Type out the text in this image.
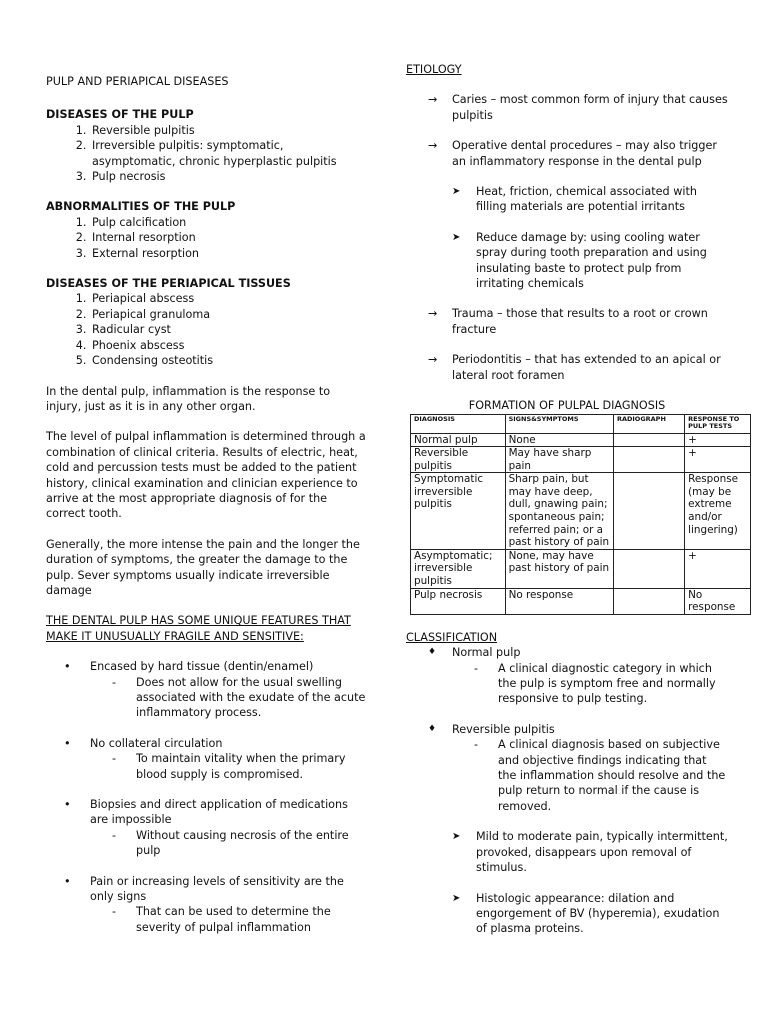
PULP AND PERIAPICAL DISEASES
DISEASES OF THE PULP
1. Reversible pulpitis
2. Irreversible pulpitis: symptomatic, asymptomatic, chronic hyperplastic pulpitis
3. Pulp necrosis
ABNORMALITIES OF THE PULP
1. Pulp calcification
2. Internal resorption
3. External resorption
DISEASES OF THE PERIAPICAL TISSUES
1. Periapical abscess
2. Periapical granuloma
3. Radicular cyst
4. Phoenix abscess
5. Condensing osteotitis

In the dental pulp, inflammation is the response to injury, just as it is in any other organ.

The level of pulpal inflammation is determined through a combination of clinical criteria. Results of electric, heat, cold and percussion tests must be added to the patient history, clinical examination and clinician experience to arrive at the most appropriate diagnosis of for the correct tooth.

Generally, the more intense the pain and the longer the duration of symptoms, the greater the damage to the pulp. Sever symptoms usually indicate irreversible damage

THE DENTAL PULP HAS SOME UNIQUE FEATURES THAT MAKE IT UNUSUALLY FRAGILE AND SENSITIVE:

• Encased by hard tissue (dentin/enamel)
- Does not allow for the usual swelling associated with the exudate of the acute inflammatory process.
• No collateral circulation
- To maintain vitality when the primary blood supply is compromised.
• Biopsies and direct application of medications are impossible
- Without causing necrosis of the entire pulp
• Pain or increasing levels of sensitivity are the only signs
- That can be used to determine the severity of pulpal inflammation
ETIOLOGY
→ Caries – most common form of injury that causes pulpitis
→ Operative dental procedures – may also trigger an inflammatory response in the dental pulp
➤ Heat, friction, chemical associated with filling materials are potential irritants
➤ Reduce damage by: using cooling water spray during tooth preparation and using insulating baste to protect pulp from irritating chemicals
→ Trauma – those that results to a root or crown fracture
→ Periodontitis – that has extended to an apical or lateral root foramen
FORMATION OF PULPAL DIAGNOSIS
DIAGNOSIS	SIGNS&SYMPTOMS	RADIOGRAPH	RESPONSE TO PULP TESTS
Normal pulp	None		+
Reversible pulpitis	May have sharp pain		+
Symptomatic irreversible pulpitis	Sharp pain, but may have deep, dull, gnawing pain; spontaneous pain; referred pain; or a past history of pain		Response (may be extreme and/or lingering)
Asymptomatic; irreversible pulpitis	None, may have past history of pain		+
Pulp necrosis	No response		No response
CLASSIFICATION
♦ Normal pulp
- A clinical diagnostic category in which the pulp is symptom free and normally responsive to pulp testing.
♦ Reversible pulpitis
- A clinical diagnosis based on subjective and objective findings indicating that the inflammation should resolve and the pulp return to normal if the cause is removed.
➤ Mild to moderate pain, typically intermittent, provoked, disappears upon removal of stimulus.
➤ Histologic appearance: dilation and engorgement of BV (hyperemia), exudation of plasma proteins.
